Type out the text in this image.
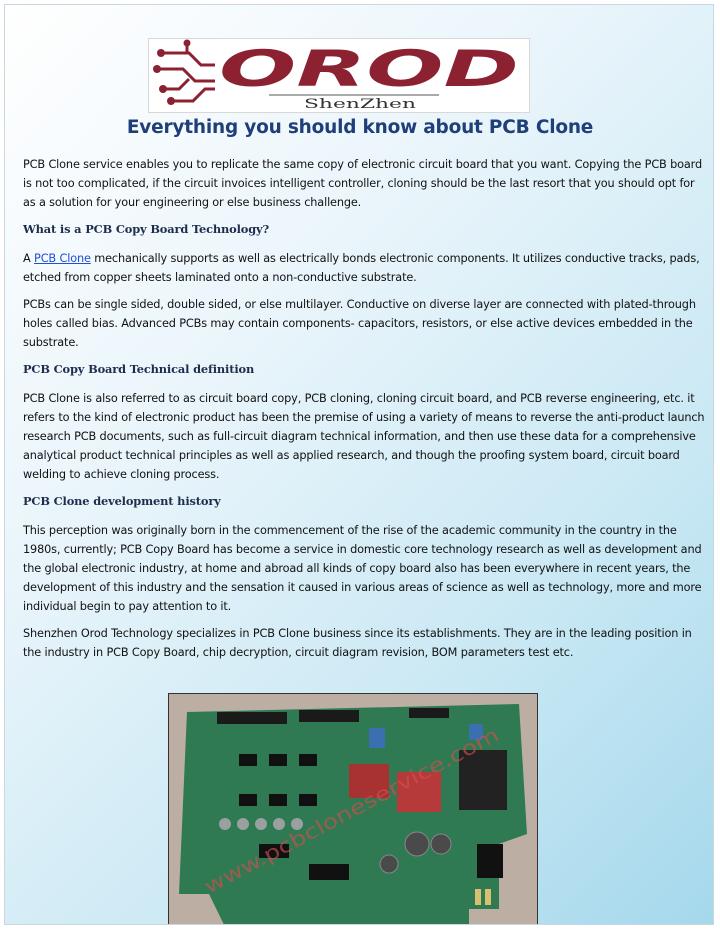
OROD
ShenZhen
Everything you should know about PCB Clone

PCB Clone service enables you to replicate the same copy of electronic circuit board that you want. Copying the PCB board is not too complicated, if the circuit invoices intelligent controller, cloning should be the last resort that you should opt for as a solution for your engineering or else business challenge.

What is a PCB Copy Board Technology?

A PCB Clone mechanically supports as well as electrically bonds electronic components. It utilizes conductive tracks, pads, etched from copper sheets laminated onto a non-conductive substrate.

PCBs can be single sided, double sided, or else multilayer. Conductive on diverse layer are connected with plated-through holes called bias. Advanced PCBs may contain components- capacitors, resistors, or else active devices embedded in the substrate.

PCB Copy Board Technical definition

PCB Clone is also referred to as circuit board copy, PCB cloning, cloning circuit board, and PCB reverse engineering, etc. it refers to the kind of electronic product has been the premise of using a variety of means to reverse the anti-product launch research PCB documents, such as full-circuit diagram technical information, and then use these data for a comprehensive analytical product technical principles as well as applied research, and though the proofing system board, circuit board welding to achieve cloning process.

PCB Clone development history

This perception was originally born in the commencement of the rise of the academic community in the country in the 1980s, currently; PCB Copy Board has become a service in domestic core technology research as well as development and the global electronic industry, at home and abroad all kinds of copy board also has been everywhere in recent years, the development of this industry and the sensation it caused in various areas of science as well as technology, more and more individual begin to pay attention to it.

Shenzhen Orod Technology specializes in PCB Clone business since its establishments. They are in the leading position in the industry in PCB Copy Board, chip decryption, circuit diagram revision, BOM parameters test etc.

www.pcbcloneservice.com
